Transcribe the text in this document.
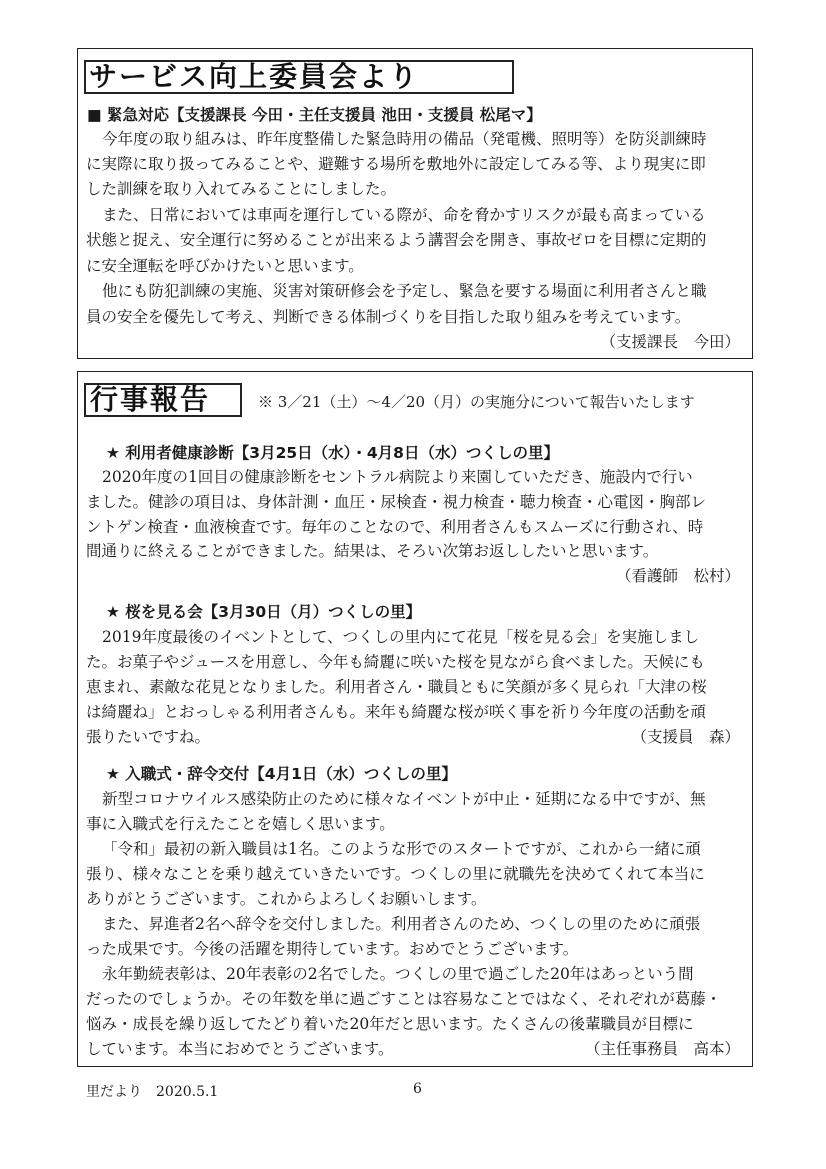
サービス向上委員会より
■ 緊急対応【支援課長 今田・主任支援員 池田・支援員 松尾マ】
今年度の取り組みは、昨年度整備した緊急時用の備品（発電機、照明等）を防災訓練時
に実際に取り扱ってみることや、避難する場所を敷地外に設定してみる等、より現実に即
した訓練を取り入れてみることにしました。
また、日常においては車両を運行している際が、命を脅かすリスクが最も高まっている
状態と捉え、安全運行に努めることが出来るよう講習会を開き、事故ゼロを目標に定期的
に安全運転を呼びかけたいと思います。
他にも防犯訓練の実施、災害対策研修会を予定し、緊急を要する場面に利用者さんと職
員の安全を優先して考え、判断できる体制づくりを目指した取り組みを考えています。
（支援課長　今田）
行事報告	※ 3／21（土）～4／20（月）の実施分について報告いたします
★ 利用者健康診断【3月25日（水）・4月8日（水）つくしの里】
2020年度の1回目の健康診断をセントラル病院より来園していただき、施設内で行い
ました。健診の項目は、身体計測・血圧・尿検査・視力検査・聴力検査・心電図・胸部レ
ントゲン検査・血液検査です。毎年のことなので、利用者さんもスムーズに行動され、時
間通りに終えることができました。結果は、そろい次第お返ししたいと思います。
（看護師　松村）
★ 桜を見る会【3月30日（月）つくしの里】
2019年度最後のイベントとして、つくしの里内にて花見「桜を見る会」を実施しまし
た。お菓子やジュースを用意し、今年も綺麗に咲いた桜を見ながら食べました。天候にも
恵まれ、素敵な花見となりました。利用者さん・職員ともに笑顔が多く見られ「大津の桜
は綺麗ね」とおっしゃる利用者さんも。来年も綺麗な桜が咲く事を祈り今年度の活動を頑
張りたいですね。	（支援員　森）
★ 入職式・辞令交付【4月1日（水）つくしの里】
新型コロナウイルス感染防止のために様々なイベントが中止・延期になる中ですが、無
事に入職式を行えたことを嬉しく思います。
「令和」最初の新入職員は1名。このような形でのスタートですが、これから一緒に頑
張り、様々なことを乗り越えていきたいです。つくしの里に就職先を決めてくれて本当に
ありがとうございます。これからよろしくお願いします。
また、昇進者2名へ辞令を交付しました。利用者さんのため、つくしの里のために頑張
った成果です。今後の活躍を期待しています。おめでとうございます。
永年勤続表彰は、20年表彰の2名でした。つくしの里で過ごした20年はあっという間
だったのでしょうか。その年数を単に過ごすことは容易なことではなく、それぞれが葛藤・
悩み・成長を繰り返してたどり着いた20年だと思います。たくさんの後輩職員が目標に
しています。本当におめでとうございます。	（主任事務員　高本）
里だより　2020.5.1	6
